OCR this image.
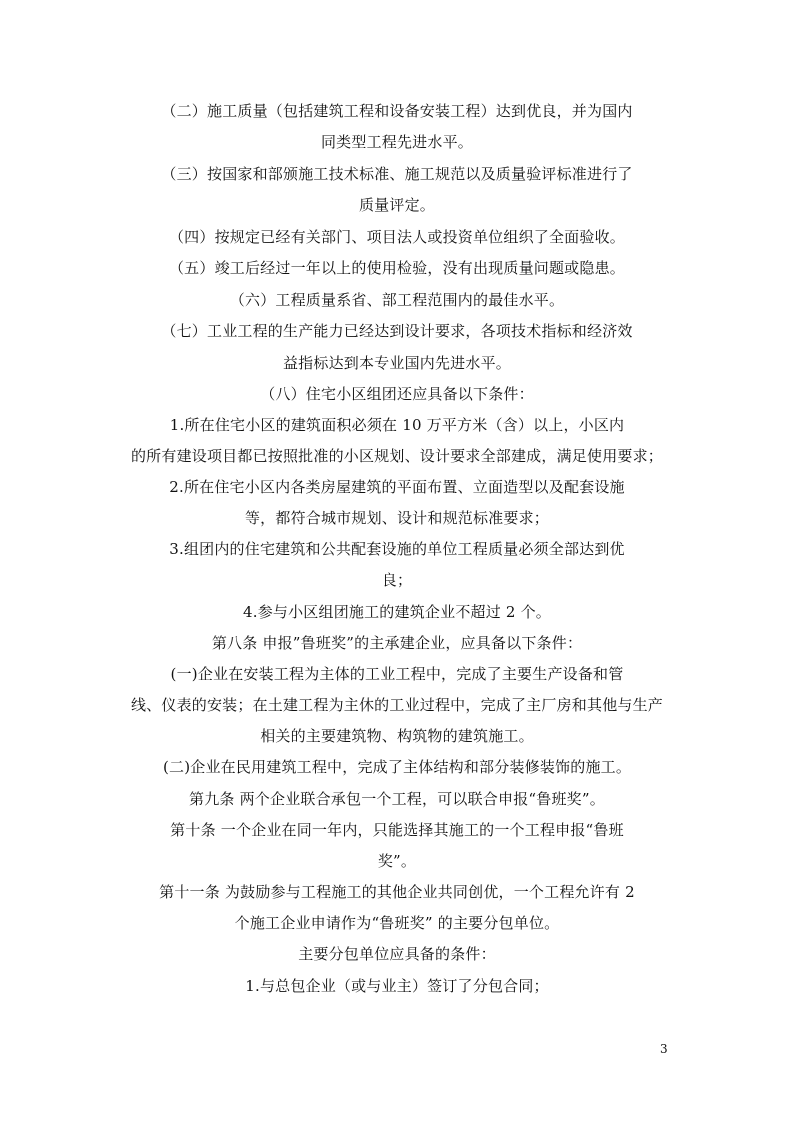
（二）施工质量（包括建筑工程和设备安装工程）达到优良，并为国内
同类型工程先进水平。
（三）按国家和部颁施工技术标准、施工规范以及质量验评标准进行了
质量评定。
（四）按规定已经有关部门、项目法人或投资单位组织了全面验收。
（五）竣工后经过一年以上的使用检验，没有出现质量问题或隐患。
（六）工程质量系省、部工程范围内的最佳水平。
（七）工业工程的生产能力已经达到设计要求，各项技术指标和经济效
益指标达到本专业国内先进水平。
（八）住宅小区组团还应具备以下条件：
1.所在住宅小区的建筑面积必须在 10 万平方米（含）以上，小区内
的所有建设项目都已按照批准的小区规划、设计要求全部建成，满足使用要求；
2.所在住宅小区内各类房屋建筑的平面布置、立面造型以及配套设施
等，都符合城市规划、设计和规范标准要求；
3.组团内的住宅建筑和公共配套设施的单位工程质量必须全部达到优
良；
4.参与小区组团施工的建筑企业不超过 2 个。
第八条 申报”鲁班奖”的主承建企业，应具备以下条件：
(一)企业在安装工程为主体的工业工程中，完成了主要生产设备和管
线、仪表的安装；在土建工程为主休的工业过程中，完成了主厂房和其他与生产
相关的主要建筑物、构筑物的建筑施工。
(二)企业在民用建筑工程中，完成了主体结构和部分装修装饰的施工。
第九条 两个企业联合承包一个工程，可以联合申报“鲁班奖”。
第十条 一个企业在同一年内，只能选择其施工的一个工程申报“鲁班
奖”。
第十一条 为鼓励参与工程施工的其他企业共同创优，一个工程允许有 2
个施工企业申请作为“鲁班奖” 的主要分包单位。
主要分包单位应具备的条件：
1.与总包企业（或与业主）签订了分包合同；
3
